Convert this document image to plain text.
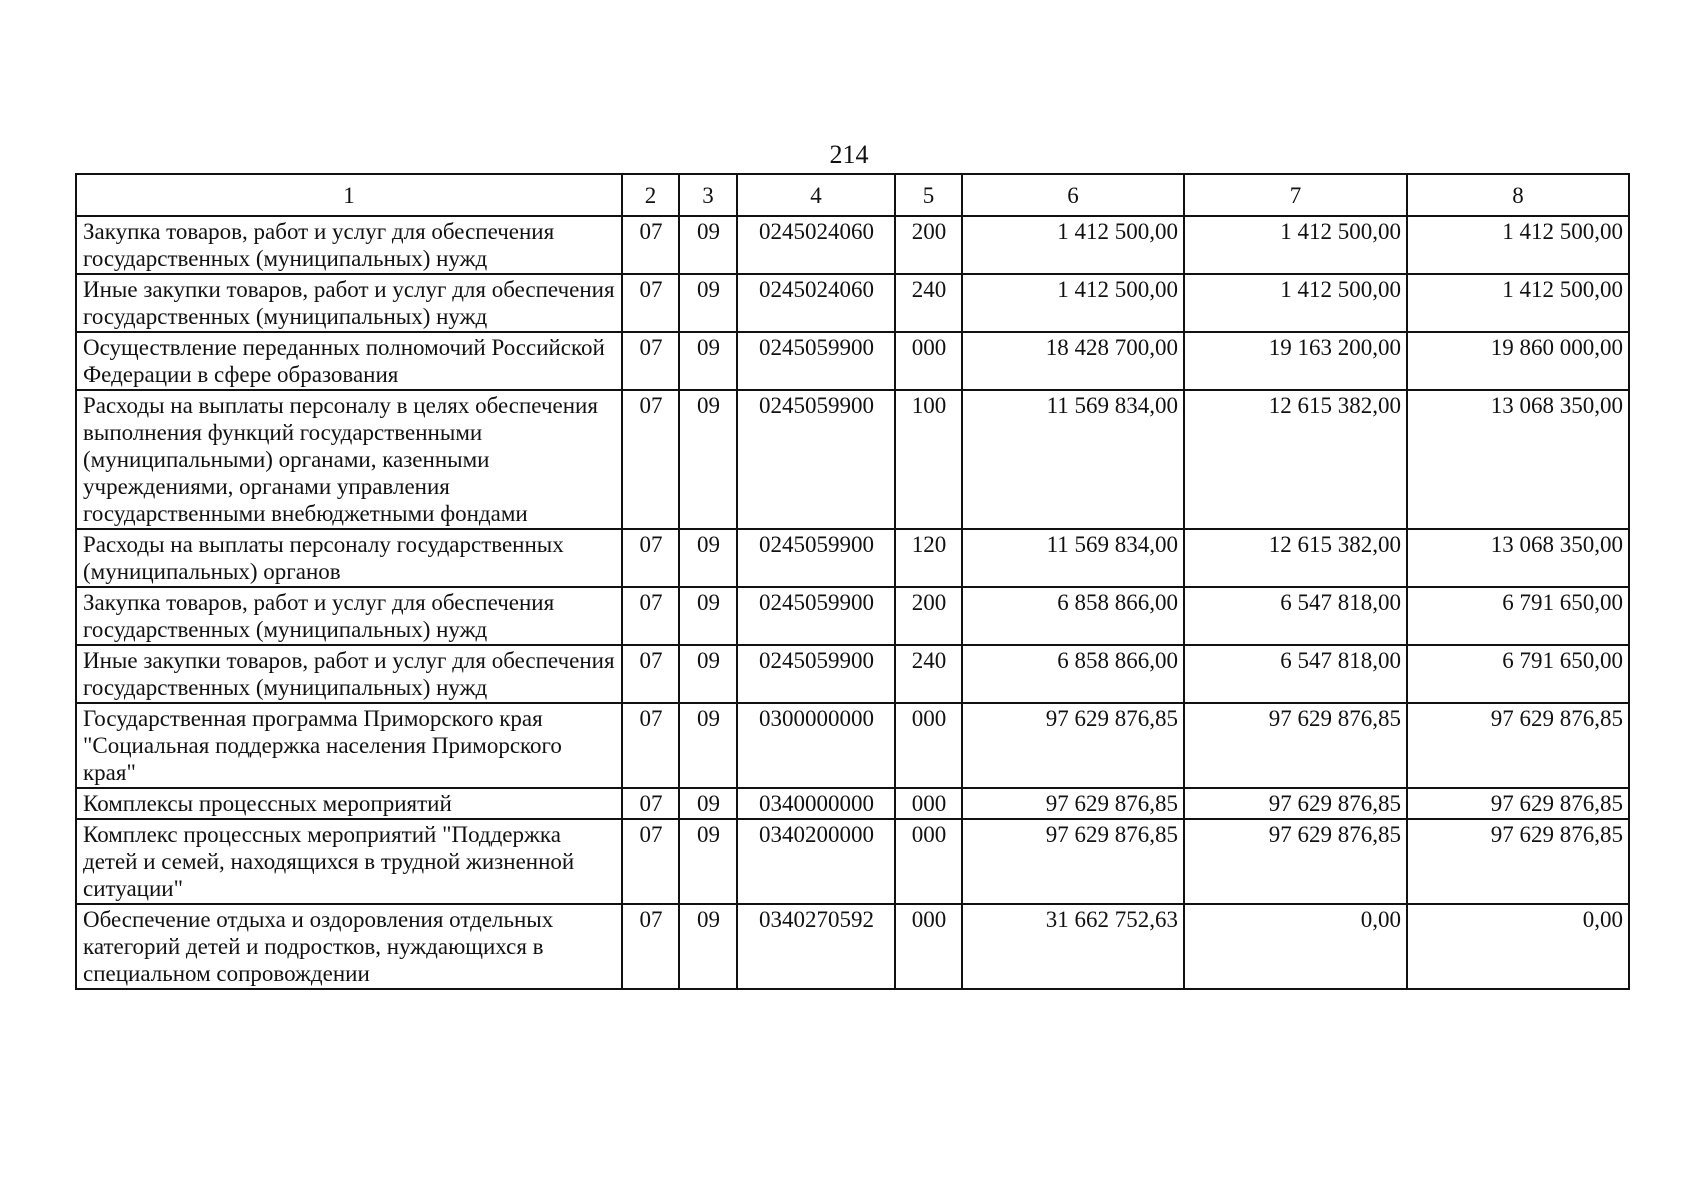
214
1	2	3	4	5	6	7	8
Закупка товаров, работ и услуг для обеспечения государственных (муниципальных) нужд	07	09	0245024060	200	1 412 500,00	1 412 500,00	1 412 500,00
Иные закупки товаров, работ и услуг для обеспечения государственных (муниципальных) нужд	07	09	0245024060	240	1 412 500,00	1 412 500,00	1 412 500,00
Осуществление переданных полномочий Российской Федерации в сфере образования	07	09	0245059900	000	18 428 700,00	19 163 200,00	19 860 000,00
Расходы на выплаты персоналу в целях обеспечения выполнения функций государственными (муниципальными) органами, казенными учреждениями, органами управления государственными внебюджетными фондами	07	09	0245059900	100	11 569 834,00	12 615 382,00	13 068 350,00
Расходы на выплаты персоналу государственных (муниципальных) органов	07	09	0245059900	120	11 569 834,00	12 615 382,00	13 068 350,00
Закупка товаров, работ и услуг для обеспечения государственных (муниципальных) нужд	07	09	0245059900	200	6 858 866,00	6 547 818,00	6 791 650,00
Иные закупки товаров, работ и услуг для обеспечения государственных (муниципальных) нужд	07	09	0245059900	240	6 858 866,00	6 547 818,00	6 791 650,00
Государственная программа Приморского края "Социальная поддержка населения Приморского края"	07	09	0300000000	000	97 629 876,85	97 629 876,85	97 629 876,85
Комплексы процессных мероприятий	07	09	0340000000	000	97 629 876,85	97 629 876,85	97 629 876,85
Комплекс процессных мероприятий "Поддержка детей и семей, находящихся в трудной жизненной ситуации"	07	09	0340200000	000	97 629 876,85	97 629 876,85	97 629 876,85
Обеспечение отдыха и оздоровления отдельных категорий детей и подростков, нуждающихся в специальном сопровождении	07	09	0340270592	000	31 662 752,63	0,00	0,00
